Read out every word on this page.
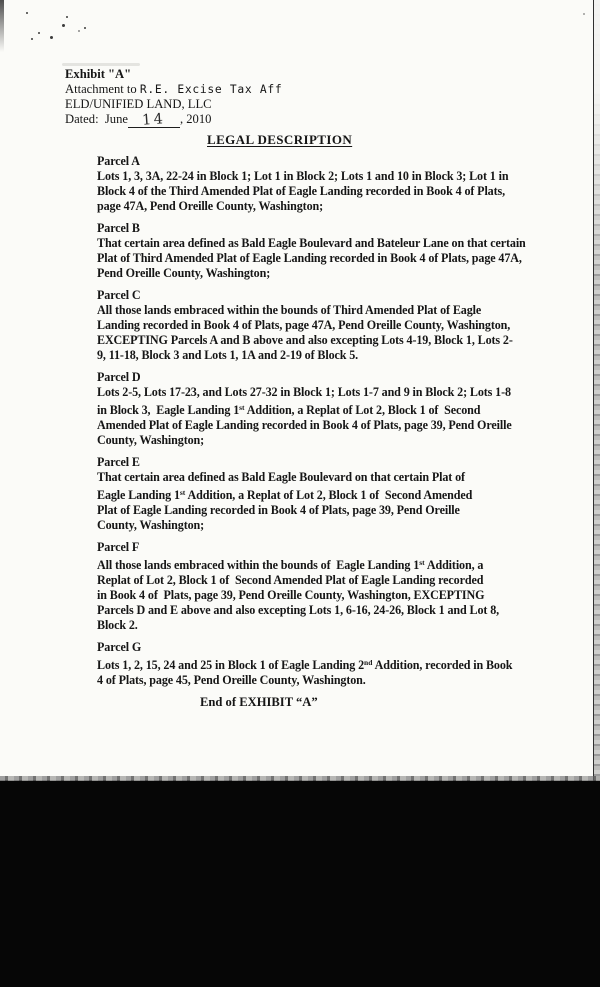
Exhibit "A"
Attachment to R.E. Excise Tax Aff
ELD/UNIFIED LAND, LLC
Dated:  June 14 , 2010
LEGAL DESCRIPTION
Parcel A
Lots 1, 3, 3A, 22-24 in Block 1; Lot 1 in Block 2; Lots 1 and 10 in Block 3; Lot 1 in
Block 4 of the Third Amended Plat of Eagle Landing recorded in Book 4 of Plats,
page 47A, Pend Oreille County, Washington;
Parcel B
That certain area defined as Bald Eagle Boulevard and Bateleur Lane on that certain
Plat of Third Amended Plat of Eagle Landing recorded in Book 4 of Plats, page 47A,
Pend Oreille County, Washington;
Parcel C
All those lands embraced within the bounds of Third Amended Plat of Eagle
Landing recorded in Book 4 of Plats, page 47A, Pend Oreille County, Washington,
EXCEPTING Parcels A and B above and also excepting Lots 4-19, Block 1, Lots 2-
9, 11-18, Block 3 and Lots 1, 1A and 2-19 of Block 5.
Parcel D
Lots 2-5, Lots 17-23, and Lots 27-32 in Block 1; Lots 1-7 and 9 in Block 2; Lots 1-8
in Block 3,  Eagle Landing 1st Addition, a Replat of Lot 2, Block 1 of  Second
Amended Plat of Eagle Landing recorded in Book 4 of Plats, page 39, Pend Oreille
County, Washington;
Parcel E
That certain area defined as Bald Eagle Boulevard on that certain Plat of
Eagle Landing 1st Addition, a Replat of Lot 2, Block 1 of  Second Amended
Plat of Eagle Landing recorded in Book 4 of Plats, page 39, Pend Oreille
County, Washington;
Parcel F
All those lands embraced within the bounds of  Eagle Landing 1st Addition, a
Replat of Lot 2, Block 1 of  Second Amended Plat of Eagle Landing recorded
in Book 4 of  Plats, page 39, Pend Oreille County, Washington, EXCEPTING
Parcels D and E above and also excepting Lots 1, 6-16, 24-26, Block 1 and Lot 8,
Block 2.
Parcel G
Lots 1, 2, 15, 24 and 25 in Block 1 of Eagle Landing 2nd Addition, recorded in Book
4 of Plats, page 45, Pend Oreille County, Washington.
End of EXHIBIT “A”
